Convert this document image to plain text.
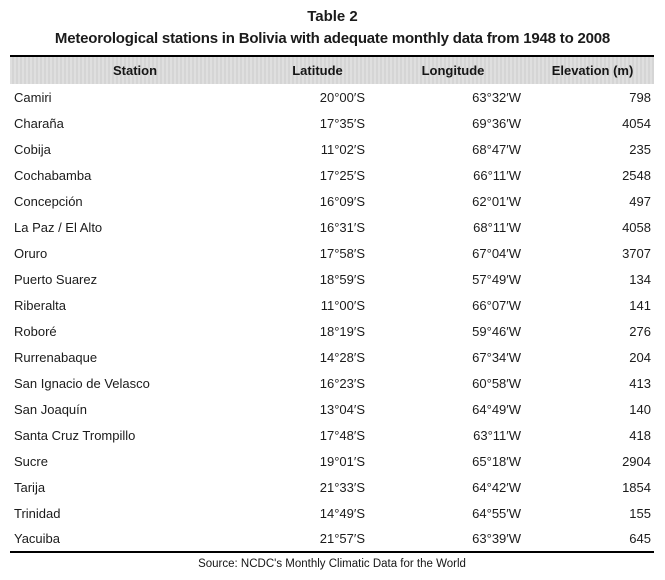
Table 2
Meteorological stations in Bolivia with adequate monthly data from 1948 to 2008
Station	Latitude	Longitude	Elevation (m)
Camiri	20°00′S	63°32′W	798
Charaña	17°35′S	69°36′W	4054
Cobija	11°02′S	68°47′W	235
Cochabamba	17°25′S	66°11′W	2548
Concepción	16°09′S	62°01′W	497
La Paz / El Alto	16°31′S	68°11′W	4058
Oruro	17°58′S	67°04′W	3707
Puerto Suarez	18°59′S	57°49′W	134
Riberalta	11°00′S	66°07′W	141
Roboré	18°19′S	59°46′W	276
Rurrenabaque	14°28′S	67°34′W	204
San Ignacio de Velasco	16°23′S	60°58′W	413
San Joaquín	13°04′S	64°49′W	140
Santa Cruz Trompillo	17°48′S	63°11′W	418
Sucre	19°01′S	65°18′W	2904
Tarija	21°33′S	64°42′W	1854
Trinidad	14°49′S	64°55′W	155
Yacuiba	21°57′S	63°39′W	645
Source: NCDC's Monthly Climatic Data for the World
